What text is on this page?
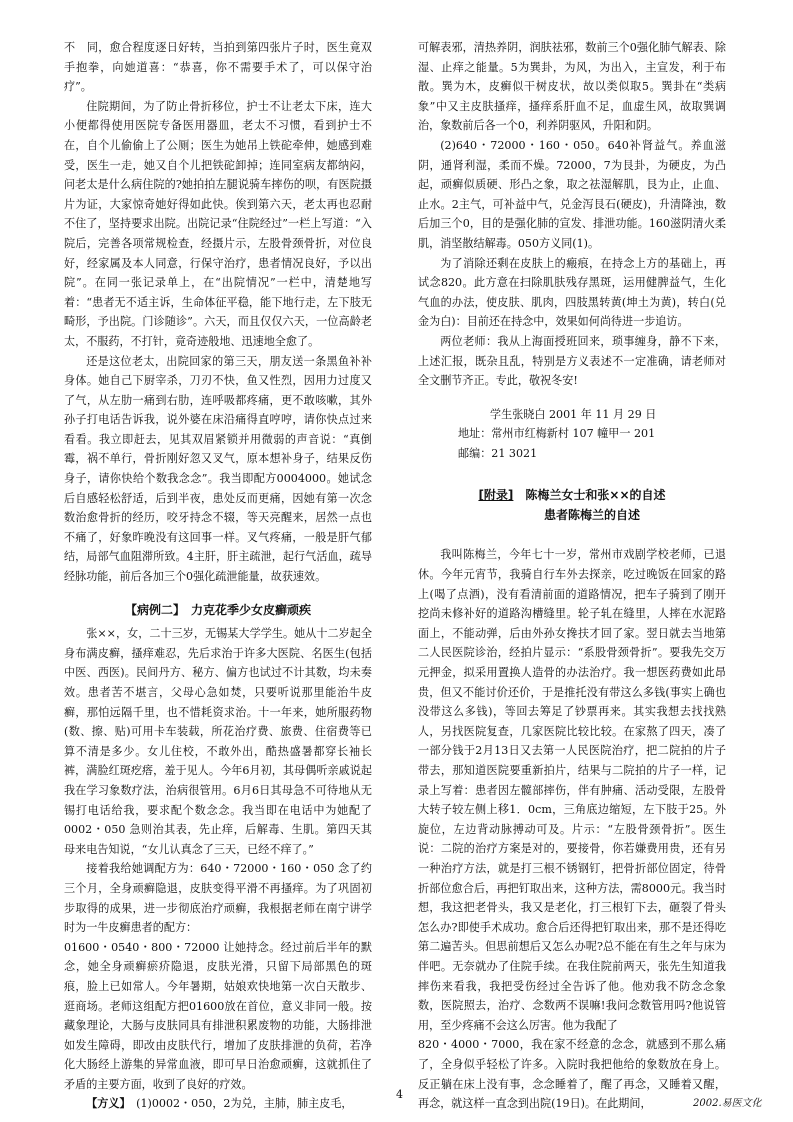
不　同，愈合程度逐日好转，当拍到第四张片子时，医生竟双手抱拳，向她道喜：“恭喜，你不需要手术了，可以保守治疗”。

住院期间，为了防止骨折移位，护士不让老太下床，连大小便都得使用医院专备医用器皿，老太不习惯，看到护士不在，自个儿偷偷上了公厕；医生为她吊上铁砣牵伸，她感到难受，医生一走，她又自个儿把铁砣卸掉；连同室病友都纳闷，问老太是什么病住院的?她拍拍左腿说骑车摔伤的呗，有医院摄片为证，大家惊奇她好得如此快。俟到第六天，老太再也忍耐不住了，坚持要求出院。出院记录“住院经过”一栏上写道：“入院后，完善各项常规检查，经摄片示，左股骨颈骨折，对位良好，经家属及本人同意，行保守治疗，患者情况良好，予以出院”。在同一张记录单上，在“出院情况”一栏中，清楚地写着：“患者无不适主诉，生命体征平稳，能下地行走，左下肢无畸形，予出院。门诊随诊”。六天，而且仅仅六天，一位高龄老太，不服药，不打针，竟奇迹般地、迅速地全愈了。

还是这位老太，出院回家的第三天，朋友送一条黑鱼补补身体。她自己下厨宰杀，刀刃不快，鱼又性烈，因用力过度又了气，从左肋一痛到右肋，连呼吸都疼痛，更不敢咳嗽，其外孙子打电话告诉我，说外婆在床沿痛得直哼哼，请你快点过来看看。我立即赶去，见其双眉紧锁并用微弱的声音说：“真倒霉，祸不单行，骨折刚好忽又叉气，原本想补身子，结果反伤身子，请你快给个数我念念”。我当即配方0004000。她试念后自感轻松舒适，后到半夜，患处反而更痛，因她有第一次念数治愈骨折的经历，咬牙持念不辍，等天亮醒来，居然一点也不痛了，好象昨晚没有这回事一样。叉气疼痛，一般是肝气郁结，局部气血阻滞所致。4主肝，肝主疏泄，起行气活血，疏导经脉功能，前后各加三个0强化疏泄能量，故获速效。

【病例二】　力克花季少女皮癣顽疾

张××，女，二十三岁，无锡某大学学生。她从十二岁起全身布满皮癣，搔痒难忍，先后求治于许多大医院、名医生(包括中医、西医)。民间丹方、秘方、偏方也试过不计其数，均未奏效。患者苦不堪言，父母心急如焚，只要听说那里能治牛皮癣，那怕远隔千里，也不惜耗资求治。十一年来，她所服药物(数、擦、贴)可用卡车装载，所花治疗费、旅费、住宿费等已算不清是多少。女儿住校，不敢外出，酷热盛暑都穿长袖长裤，满脸红斑疙瘩，羞于见人。今年6月初，其母偶听亲戚说起我在学习象数疗法，治病很管用。6月6日其母急不可待地从无锡打电话给我，要求配个数念念。我当即在电话中为她配了0002・050 急则治其表，先止痒，后解毒、生肌。第四天其母来电告知说，“女儿认真念了三天，已经不痒了。”

接着我给她调配方为：640・72000・160・050 念了约三个月，全身顽癣隐退，皮肤变得平滑不再搔痒。为了巩固初步取得的成果，进一步彻底治疗顽癣，我根据老师在南宁讲学时为一牛皮癣患者的配方：

01600・0540・800・72000 让她持念。经过前后半年的默念，她全身顽癣瘀疥隐退，皮肤光滑，只留下局部黑色的斑痕，脸上已如常人。今年暑期，姑娘欢快地第一次白天散步、逛商场。老师这组配方把01600放在首位，意义非同一般。按藏象理论，大肠与皮肤同具有排泄积累废物的功能，大肠排泄如发生障碍，即改由皮肤代行，增加了皮肤排泄的负荷，若净化大肠经上游集的异常血液，即可早日治愈顽癣，这就抓住了矛盾的主要方面，收到了良好的疗效。

【方义】　(1)0002・050，2为兑，主肺，肺主皮毛，

可解表邪，清热养阴，润肤祛邪，数前三个0强化肺气解表、除湿、止痒之能量。5为巽卦，为风，为出入，主宣发，利于布散。巽为木，皮癣似干树皮状，故以类似取5。巽卦在“类病象”中又主皮肤搔痒，搔痒系肝血不足，血虚生风，故取巽调治，象数前后各一个0，利养阴驱风，升阳和阴。

(2)640・72000・160・050。640补肾益气。养血滋阴，通肾利湿，柔而不燥。72000，7为艮卦，为硬皮，为凸起，顽癣似质硬、形凸之象，取之祛湿解肌，艮为止，止血、止水。2主气，可补益中气，兑金泻艮石(硬皮)，升清降浊，数后加三个0，目的是强化肺的宣发、排泄功能。160滋阴清火柔肌，消坚散结解毒。050方义同(1)。

为了消除还剩在皮肤上的瘢痕，在持念上方的基础上，再试念820。此方意在扫除肌肤残存黑斑，运用健脾益气，生化气血的办法，使皮肤、肌肉，四肢黑转黄(坤土为黄)，转白(兑金为白)：目前还在持念中，效果如何尚待进一步追访。

两位老师：我从上海面授班回来，琐事缠身，静不下来，上述汇报，既杂且乱，特别是方义表述不一定准确，请老师对全文删节齐正。专此，敬祝冬安!

学生张晓白 2001 年 11 月 29 日
地址：常州市红梅新村 107 幢甲一 201
邮编：21 3021
[附录]　陈梅兰女士和张××的自述
患者陈梅兰的自述

我叫陈梅兰，今年七十一岁，常州市戏剧学校老师，已退休。今年元宵节，我骑自行车外去探亲，吃过晚饭在回家的路上(喝了点酒)，没有看清前面的道路情况，把车子骑到了刚开挖尚未修补好的道路沟槽缝里。轮子轧在缝里，人摔在水泥路面上，不能动弹，后由外孙女搀扶才回了家。翌日就去当地第二人民医院诊治，经拍片显示：“系股骨颈骨折”。要我先交万元押金，拟采用置换人造骨的办法治疗。我一想医药费如此昂贵，但又不能讨价还价，于是推托没有带这么多钱(事实上确也没带这么多钱)，等回去筹足了钞票再来。其实我想去找找熟人，另找医院复查，几家医院比较比较。在家熬了四天，凑了一部分钱于2月13日又去第一人民医院治疗，把二院拍的片子带去，那知道医院要重新拍片，结果与二院拍的片子一样，记录上写着：患者因左髋部摔伤，伴有肿痛、活动受限，左股骨大转子较左侧上移1．0cm，三角底边缩短，左下肢于25。外旋位，左边背动脉搏动可及。片示：“左股骨颈骨折”。医生说：二院的治疗方案是对的，要接骨，你若嫌费用贵，还有另一种治疗方法，就是打三根不锈钢钉，把骨折部位固定，待骨折部位愈合后，再把钉取出来，这种方法，需8000元。我当时想，我这把老骨头，我又是老化，打三根钉下去，砸裂了骨头怎么办?即使手术成功。愈合后还得把钉取出来，那不是还得吃第二遍苦头。但思前想后又怎么办呢?总不能在有生之年与床为伴吧。无奈就办了住院手续。在我住院前两天，张先生知道我摔伤来看我，我把受伤经过全告诉了他。他劝我不防念念象数，医院照去，治疗、念数两不误嘛!我问念数管用吗?他说管用，至少疼痛不会这么厉害。他为我配了

820・4000・7000，我在家不经意的念念，就感到不那么痛了，全身似乎轻松了许多。入院时我把他给的象数放在身上。反正躺在床上没有事，念念睡着了，醒了再念，又睡着又醒，再念，就这样一直念到出院(19日)。在此期间，

4
2002.易医文化
